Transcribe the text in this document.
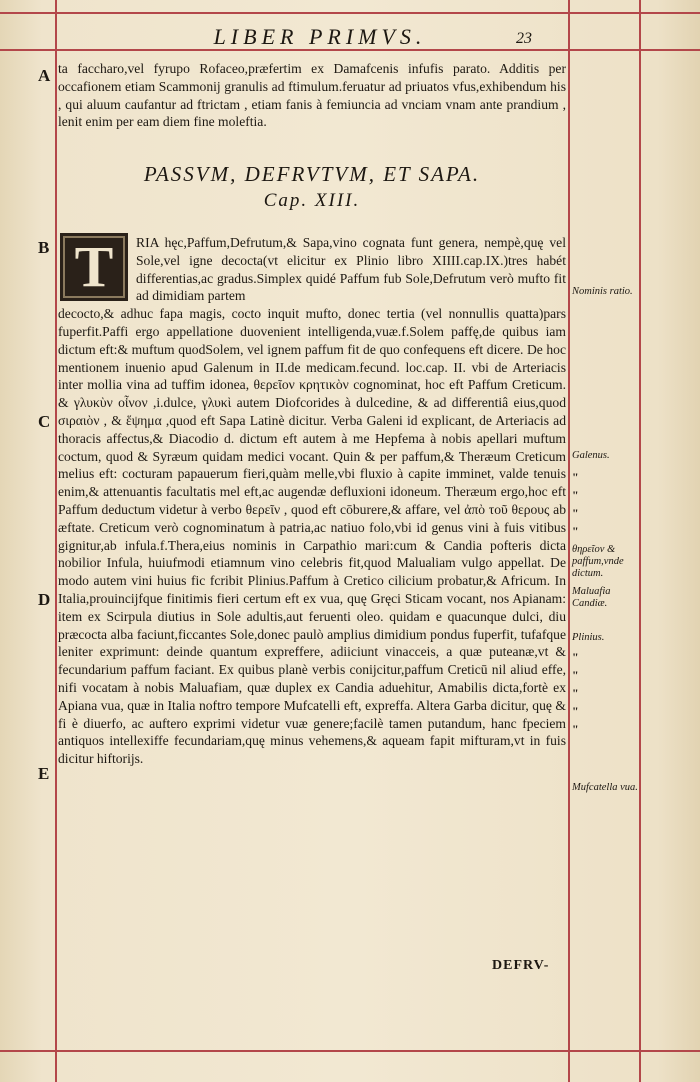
LIBER PRIMVS.	23
A
B
C
D
E
ta faccharo,vel fyrupo Rofaceo,præfertim ex Damafcenis infufis parato. Additis per occafionem etiam Scammonij granulis ad ftimulum.feruatur ad priuatos vfus,exhibendum his , qui aluum caufantur ad ftrictam , etiam fanis à femiuncia ad vnciam vnam ante prandium , lenit enim per eam diem fine moleftia.
PASSVM, DEFRVTVM, ET SAPA.
Cap. XIII.
T	RIA hęc,Paffum,Defrutum,& Sapa,vino cognata funt genera, nempè,quę vel Sole,vel igne decocta(vt elicitur ex Plinio libro XIIII.cap.IX.)tres habét differentias,ac gradus.Simplex quidé Paffum fub Sole,Defrutum verò mufto fit ad dimidiam partem
decocto,& adhuc fapa magis, cocto inquit mufto, donec tertia (vel nonnullis quatta)pars fuperfit.Paffi ergo appellatione duovenient intelligenda,vuæ.f.Solem paffę,de quibus iam dictum eft:& muftum quodSolem, vel ignem paffum fit de quo confequens eft dicere. De hoc mentionem inuenio apud Galenum in II.de medicam.fecund. loc.cap. II. vbi de Arteriacis inter mollia vina ad tuffim idonea, θερεῖον κρητικὸν cognominat, hoc eft Paffum Creticum. & γλυκὺν οἶνον ,i.dulce, γλυκὶ autem Diofcorides à dulcedine, & ad differentiâ eius,quod σιραιὸν , & ἕψημα ,quod eft Sapa Latinè dicitur. Verba Galeni id explicant, de Arteriacis ad thoracis affectus,& Diacodio d. dictum eft autem à me Hepfema à nobis apellari muftum coctum, quod & Syræum quidam medici vocant. Quin & per paffum,& Theræum Creticum melius eft: cocturam papauerum fieri,quàm melle,vbi fluxio à capite imminet, valde tenuis enim,& attenuantis facultatis mel eft,ac augendæ defluxioni idoneum. Theræum ergo,hoc eft Paffum deductum videtur à verbo θερεῖν , quod eft cōburere,& affare, vel ἀπὸ τοῦ θερους ab æftate. Creticum verò cognominatum à patria,ac natiuo folo,vbi id genus vini à fuis vitibus gignitur,ab infula.f.Thera,eius nominis in Carpathio mari:cum & Candia pofteris dicta nobilior Infula, huiufmodi etiamnum vino celebris fit,quod Malualiam vulgo appellat. De modo autem vini huius fic fcribit Plinius.Paffum à Cretico cilicium probatur,& Africum. In Italia,prouincijfque finitimis fieri certum eft ex vua, quę Gręci Sticam vocant, nos Apianam: item ex Scirpula diutius in Sole adultis,aut feruenti oleo. quidam e quacunque dulci, diu præcocta alba faciunt,ficcantes Sole,donec paulò amplius dimidium pondus fuperfit, tufafque leniter exprimunt: deinde quantum expreffere, adiiciunt vinacceis, a quæ puteanæ,vt & fecundarium paffum faciant. Ex quibus planè verbis conijcitur,paffum Creticū nil aliud effe, nifi vocatam à nobis Maluafiam, quæ duplex ex Candia aduehitur, Amabilis dicta,fortè ex Apiana vua, quæ in Italia noftro tempore Mufcatelli eft, expreffa. Altera Garba dicitur, quę & fi è diuerfo, ac auftero exprimi videtur vuæ genere;facilè tamen putandum, hanc fpeciem antiquos intellexiffe fecundariam,quę minus vehemens,& aqueam fapit mifturam,vt in fuis dicitur hiftorijs.
Nominis ratio.
Galenus.
"
"
"
"
θηρεῖον & paffum,vnde dictum.
Maluafia Candiæ.
Plinius.
"
"
"
"
"
Mufcatella vua.
DEFRV-
